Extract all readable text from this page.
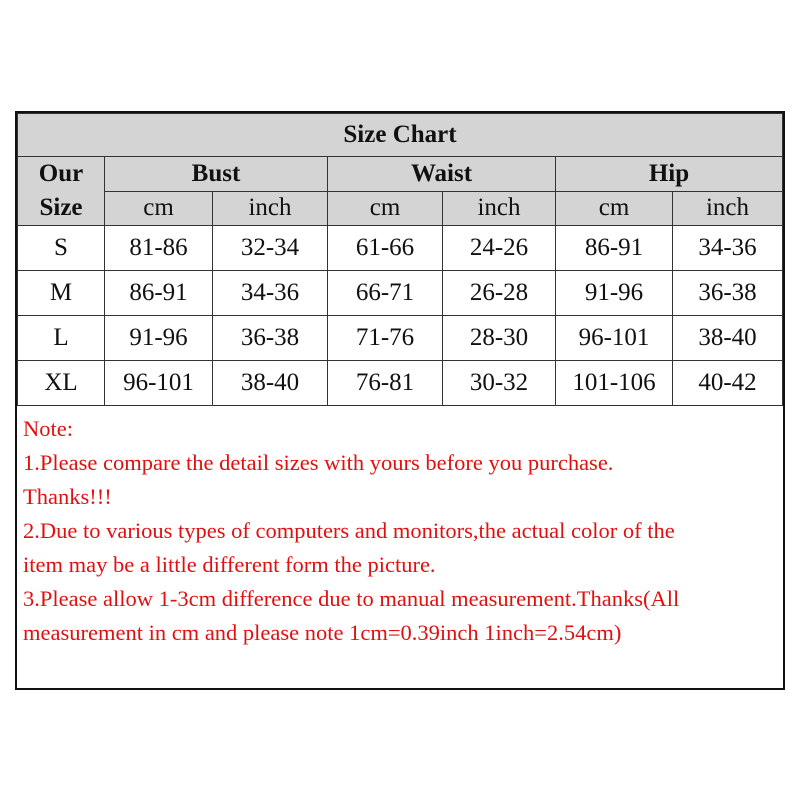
Size Chart						
Our
Size	Bust		Waist		Hip	
	cm	inch	cm	inch	cm	inch
S	81-86	32-34	61-66	24-26	86-91	34-36
M	86-91	34-36	66-71	26-28	91-96	36-38
L	91-96	36-38	71-76	28-30	96-101	38-40
XL	96-101	38-40	76-81	30-32	101-106	40-42
Note:
1.Please compare the detail sizes with yours before you purchase.
Thanks!!!
2.Due to various types of computers and monitors,the actual color of the
item may be a little different form the picture.
3.Please allow 1-3cm difference due to manual measurement.Thanks(All
measurement in cm and please note 1cm=0.39inch 1inch=2.54cm)
